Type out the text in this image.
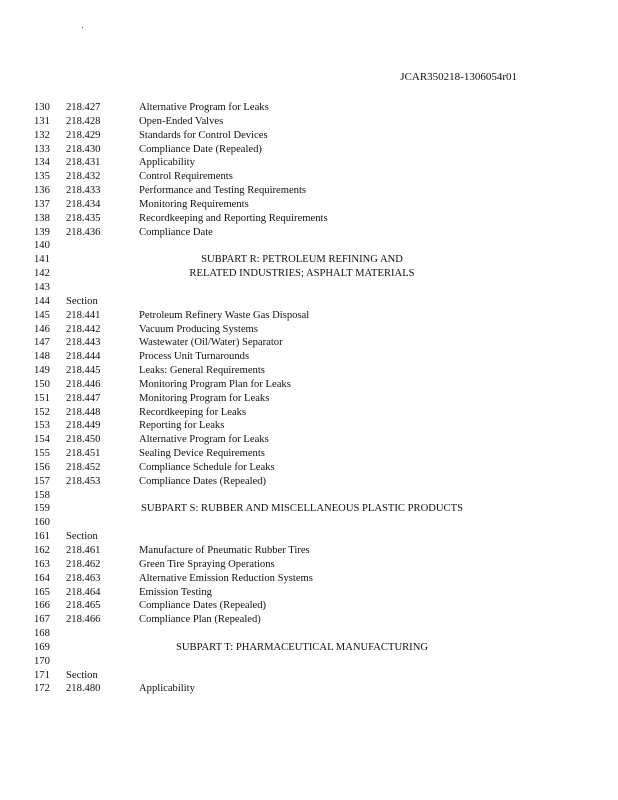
JCAR350218-1306054r01
130 218.427	Alternative Program for Leaks
131 218.428	Open-Ended Valves
132 218.429	Standards for Control Devices
133 218.430	Compliance Date (Repealed)
134 218.431	Applicability
135 218.432	Control Requirements
136 218.433	Performance and Testing Requirements
137 218.434	Monitoring Requirements
138 218.435	Recordkeeping and Reporting Requirements
139 218.436	Compliance Date
140
141	SUBPART R: PETROLEUM REFINING AND
142	RELATED INDUSTRIES; ASPHALT MATERIALS
143
144 Section
145 218.441	Petroleum Refinery Waste Gas Disposal
146 218.442	Vacuum Producing Systems
147 218.443	Wastewater (Oil/Water) Separator
148 218.444	Process Unit Turnarounds
149 218.445	Leaks: General Requirements
150 218.446	Monitoring Program Plan for Leaks
151 218.447	Monitoring Program for Leaks
152 218.448	Recordkeeping for Leaks
153 218.449	Reporting for Leaks
154 218.450	Alternative Program for Leaks
155 218.451	Sealing Device Requirements
156 218.452	Compliance Schedule for Leaks
157 218.453	Compliance Dates (Repealed)
158
159	SUBPART S: RUBBER AND MISCELLANEOUS PLASTIC PRODUCTS
160
161 Section
162 218.461	Manufacture of Pneumatic Rubber Tires
163 218.462	Green Tire Spraying Operations
164 218.463	Alternative Emission Reduction Systems
165 218.464	Emission Testing
166 218.465	Compliance Dates (Repealed)
167 218.466	Compliance Plan (Repealed)
168
169	SUBPART T: PHARMACEUTICAL MANUFACTURING
170
171 Section
172 218.480	Applicability
